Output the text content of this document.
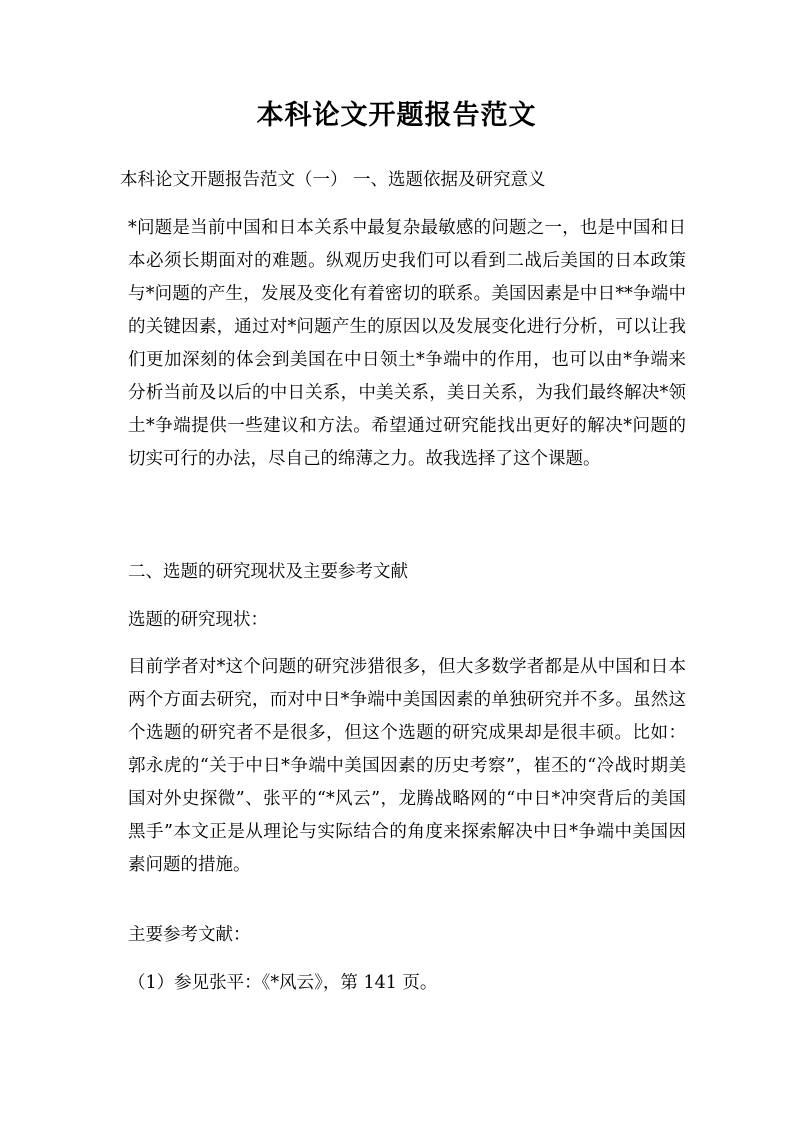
本科论文开题报告范文

本科论文开题报告范文（一） 一、选题依据及研究意义

*问题是当前中国和日本关系中最复杂最敏感的问题之一，也是中国和日本必须长期面对的难题。纵观历史我们可以看到二战后美国的日本政策与*问题的产生，发展及变化有着密切的联系。美国因素是中日**争端中的关键因素，通过对*问题产生的原因以及发展变化进行分析，可以让我们更加深刻的体会到美国在中日领土*争端中的作用，也可以由*争端来分析当前及以后的中日关系，中美关系，美日关系，为我们最终解决*领土*争端提供一些建议和方法。希望通过研究能找出更好的解决*问题的切实可行的办法，尽自己的绵薄之力。故我选择了这个课题。

二、选题的研究现状及主要参考文献

选题的研究现状：

目前学者对*这个问题的研究涉猎很多，但大多数学者都是从中国和日本两个方面去研究，而对中日*争端中美国因素的单独研究并不多。虽然这个选题的研究者不是很多，但这个选题的研究成果却是很丰硕。比如：郭永虎的“关于中日*争端中美国因素的历史考察”，崔丕的“冷战时期美国对外史探微”、张平的“*风云”，龙腾战略网的“中日*冲突背后的美国黑手”本文正是从理论与实际结合的角度来探索解决中日*争端中美国因素问题的措施。

主要参考文献：

（1）参见张平：《*风云》，第 141 页。
